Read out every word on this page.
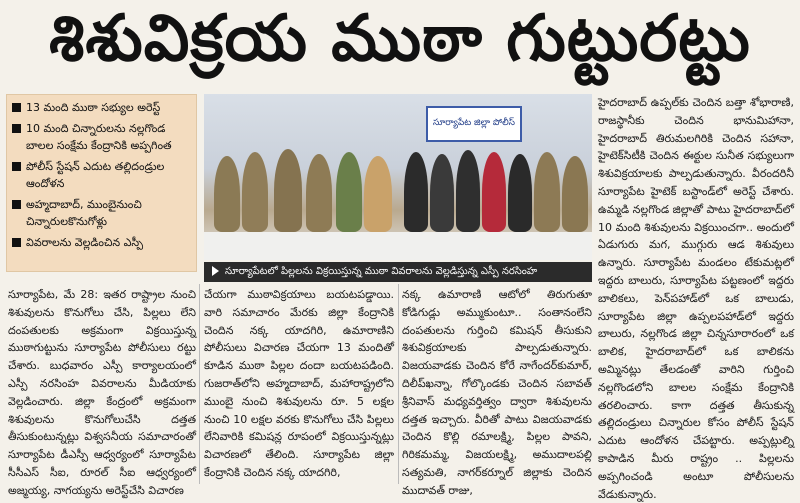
శిశువిక్రయ ముఠా గుట్టురట్టు
13 మంది ముఠా సభ్యుల అరెస్ట్
10 మంది చిన్నారులను నల్లగొండ బాలల సంక్షేమ కేంద్రానికి అప్పగింత
పోలీస్ స్టేషన్ ఎదుట తల్లిదండ్రుల ఆందోళన
అహ్మదాబాద్, ముంబైనుంచి చిన్నారులకొనుగోళ్లు
వివరాలను వెల్లడించిన ఎస్పీ
సూర్యాపేట జిల్లా పోలీస్
సూర్యాపేటలో పిల్లలను విక్రయిస్తున్న ముఠా వివరాలను వెల్లడిస్తున్న ఎస్పీ నరసింహ

సూర్యాపేట, మే 28: ఇతర రాష్ట్రాల నుంచి శిశువులను కొనుగోలు చేసి, పిల్లలు లేని దంపతులకు అక్రమంగా విక్రయిస్తున్న ముఠాగుట్టును సూర్యాపేట పోలీసులు రట్టు చేశారు. బుధవారం ఎస్పీ కార్యాలయంలో ఎస్పీ నరసింహ వివరాలను మీడియాకు వెల్లడించారు. జిల్లా కేంద్రంలో అక్రమంగా శిశువులను కొనుగోలుచేసి దత్తత తీసుకుంటున్నట్లు విశ్వసనీయ సమాచారంతో సూర్యాపేట డీఎస్పీ ఆధ్వర్యంలో సూర్యాపేట సీసీఎస్ సీఐ, రూరల్ సీఐ ఆధ్వర్యంలో అజ్మయ్య, నాగయ్యను అరెస్ట్‌చేసి విచారణ

చేయగా ముఠావిక్రయాలు బయటపడ్డాయి. వారి సమాచారం మేరకు జిల్లా కేంద్రానికి చెందిన నక్క యాదగిరి, ఉమారాణిని పోలీసులు విచారణ చేయగా 13 మందితో కూడిన ముఠా పిల్లల దందా బయటపడింది. గుజరాత్‌లోని అహ్మదాబాద్, మహారాష్ట్రలోని ముంబై నుంచి శిశువులను రూ. 5 లక్షల నుంచి 10 లక్షల వరకు కొనుగోలు చేసి పిల్లలు లేనివారికి కమిషన్ల రూపంలో విక్రయిస్తున్నట్లు విచారణలో తేలింది. సూర్యాపేట జిల్లా కేంద్రానికి చెందిన నక్క యాదగిరి,

నక్క ఉమారాణి ఆటోలో తిరుగుతూ కోడిగుడ్లు అమ్ముకుంటూ.. సంతానంలేని దంపతులను గుర్తించి కమిషన్ తీసుకుని శిశువిక్రయాలకు పాల్పడుతున్నారు. విజయవాడకు చెందిన కోరే నాగేందర్‌కుమార్, దిలీప్‌ఖన్నా, గోల్కొండకు చెందిన సబావత్ శ్రీనివాస్ మధ్యవర్తిత్వం ద్వారా శిశువులను దత్తత ఇచ్చారు. వీరితో పాటు విజయవాడకు చెందిన కొల్లి రమాలక్ష్మి, పిల్లల పావని, గిరికమమ్మ, విజయలక్ష్మి, అముదాలపల్లి సత్యమతి, నాగర్‌కర్నూల్ జిల్లాకు చెందిన ముదావత్ రాజు,

హైదరాబాద్ ఉప్పల్‌కు చెందిన బత్తా శోభారాణి, రాజస్థానీకు చెందిన భానుమిహానా, హైదరాబాద్ తిరుమలగిరికి చెందిన సహానా, హైటెక్‌సిటీకి చెందిన ఈఠ్టుల సునీత సభ్యులుగా శిశువిక్రయాలకు పాల్పడుతున్నారు. వీరందరినీ సూర్యాపేట హైటెక్ బస్టాండ్‌లో అరెస్ట్ చేశారు. ఉమ్మడి నల్లగొండ జిల్లాతో పాటు హైదరాబాద్‌లో 10 మంది శిశువులను విక్రయించగా.. అందులో ఏడుగురు మగ, ముగ్గురు ఆడ శిశువులు ఉన్నారు. సూర్యాపేట మండలం టేకుమట్లలో ఇద్దరు బాలురు, సూర్యాపేట పట్టణంలో ఇద్దరు బాలికలు, పెన్‌పహాడ్‌లో ఒక బాలుడు, సూర్యాపేట జిల్లా ఉప్పలపహాడ్‌లో ఇద్దరు బాలురు, నల్లగొండ జిల్లా చిన్నసూరారంలో ఒక బాలిక, హైదరాబాద్‌లో ఒక బాలికను అమ్మినట్లు తేలడంతో వారిని గుర్తించి నల్లగొండలోని బాలల సంక్షేమ కేంద్రానికి తరలించారు. కాగా దత్తత తీసుకున్న తల్లిదండ్రులు చిన్నారుల కోసం పోలీస్ స్టేషన్ ఎదుట ఆందోళన చేపట్టారు. అప్పట్లుల్ని కాపాడిన మీరు రాష్ట్రం .. పిల్లలను అప్పగించండి అంటూ పోలీసులను వేడుకున్నారు.
